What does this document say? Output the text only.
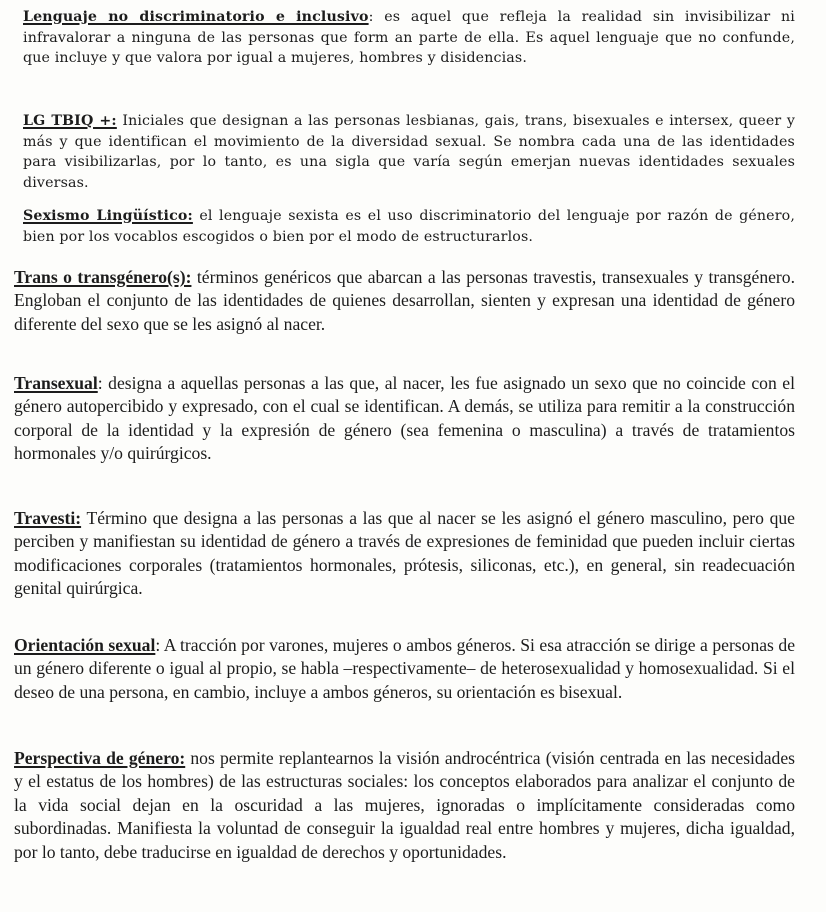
Lenguaje no discriminatorio e inclusivo: es aquel que refleja la realidad sin invisibilizar ni infravalorar a ninguna de las personas que form an parte de ella. Es aquel lenguaje que no confunde, que incluye y que valora por igual a mujeres, hombres y disidencias.

LG TBIQ +: Iniciales que designan a las personas lesbianas, gais, trans, bisexuales e intersex, queer y más y que identifican el movimiento de la diversidad sexual. Se nombra cada una de las identidades para visibilizarlas, por lo tanto, es una sigla que varía según emerjan nuevas identidades sexuales diversas.

Sexismo Lingüístico: el lenguaje sexista es el uso discriminatorio del lenguaje por razón de género, bien por los vocablos escogidos o bien por el modo de estructurarlos.

Trans o transgénero(s): términos genéricos que abarcan a las personas travestis, transexuales y transgénero. Engloban el conjunto de las identidades de quienes desarrollan, sienten y expresan una identidad de género diferente del sexo que se les asignó al nacer.

Transexual: designa a aquellas personas a las que, al nacer, les fue asignado un sexo que no coincide con el género autopercibido y expresado, con el cual se identifican. A demás, se utiliza para remitir a la construcción corporal de la identidad y la expresión de género (sea femenina o masculina) a través de tratamientos hormonales y/o quirúrgicos.

Travesti: Término que designa a las personas a las que al nacer se les asignó el género masculino, pero que perciben y manifiestan su identidad de género a través de expresiones de feminidad que pueden incluir ciertas modificaciones corporales (tratamientos hormonales, prótesis, siliconas, etc.), en general, sin readecuación genital quirúrgica.

Orientación sexual: A tracción por varones, mujeres o ambos géneros. Si esa atracción se dirige a personas de un género diferente o igual al propio, se habla –respectivamente– de heterosexualidad y homosexualidad. Si el deseo de una persona, en cambio, incluye a ambos géneros, su orientación es bisexual.

Perspectiva de género: nos permite replantearnos la visión androcéntrica (visión centrada en las necesidades y el estatus de los hombres) de las estructuras sociales: los conceptos elaborados para analizar el conjunto de la vida social dejan en la oscuridad a las mujeres, ignoradas o implícitamente consideradas como subordinadas. Manifiesta la voluntad de conseguir la igualdad real entre hombres y mujeres, dicha igualdad, por lo tanto, debe traducirse en igualdad de derechos y oportunidades.
